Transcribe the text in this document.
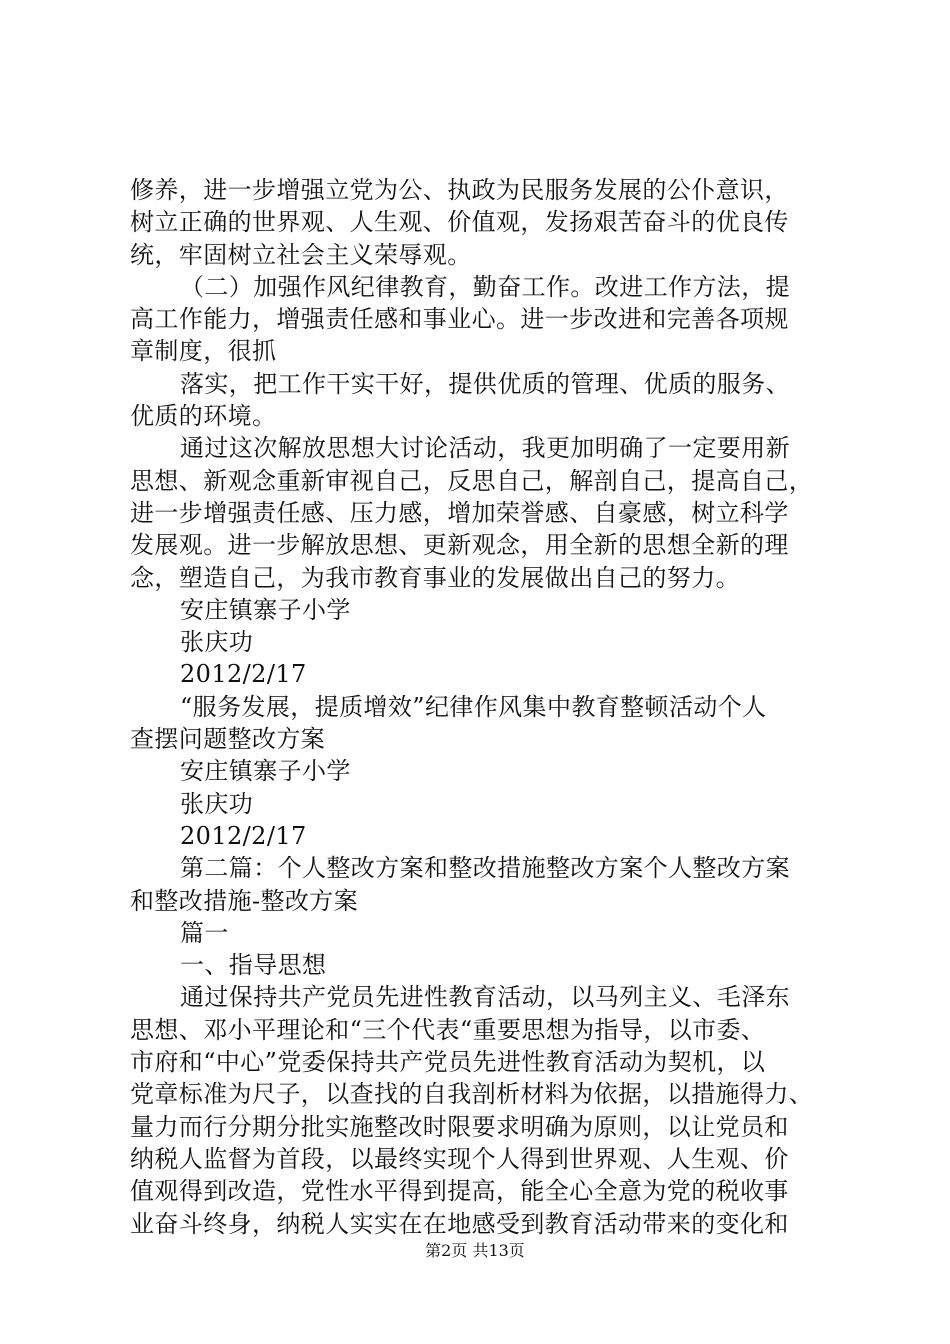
修养，进一步增强立党为公、执政为民服务发展的公仆意识，
树立正确的世界观、人生观、价值观，发扬艰苦奋斗的优良传
统，牢固树立社会主义荣辱观。
（二）加强作风纪律教育，勤奋工作。改进工作方法，提
高工作能力，增强责任感和事业心。进一步改进和完善各项规
章制度，很抓
落实，把工作干实干好，提供优质的管理、优质的服务、
优质的环境。
通过这次解放思想大讨论活动，我更加明确了一定要用新
思想、新观念重新审视自己，反思自己，解剖自己，提高自己，
进一步增强责任感、压力感，增加荣誉感、自豪感，树立科学
发展观。进一步解放思想、更新观念，用全新的思想全新的理
念，塑造自己，为我市教育事业的发展做出自己的努力。
安庄镇寨子小学
张庆功
2012/2/17
“服务发展，提质增效”纪律作风集中教育整顿活动个人
查摆问题整改方案
安庄镇寨子小学
张庆功
2012/2/17
第二篇：个人整改方案和整改措施整改方案个人整改方案
和整改措施-整改方案
篇一
一、指导思想
通过保持共产党员先进性教育活动，以马列主义、毛泽东
思想、邓小平理论和“三个代表“重要思想为指导，以市委、
市府和“中心”党委保持共产党员先进性教育活动为契机，以
党章标准为尺子，以查找的自我剖析材料为依据，以措施得力、
量力而行分期分批实施整改时限要求明确为原则，以让党员和
纳税人监督为首段，以最终实现个人得到世界观、人生观、价
值观得到改造，党性水平得到提高，能全心全意为党的税收事
业奋斗终身，纳税人实实在在地感受到教育活动带来的变化和
第2页 共13页
